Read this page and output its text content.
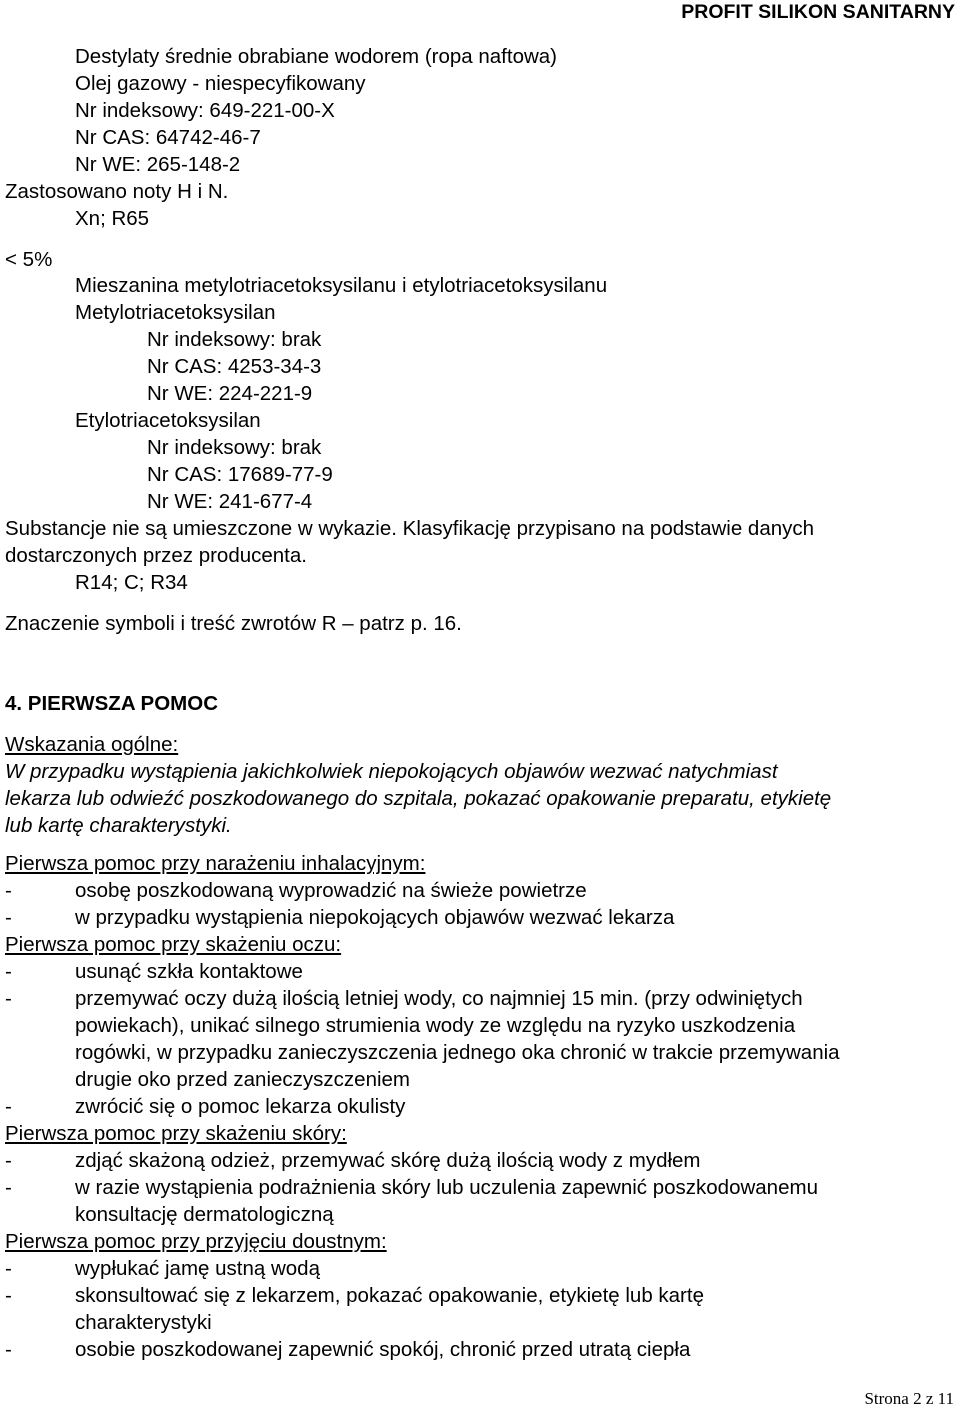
PROFIT SILIKON SANITARNY
Destylaty średnie obrabiane wodorem (ropa naftowa)
Olej gazowy - niespecyfikowany
Nr indeksowy: 649-221-00-X
Nr CAS: 64742-46-7
Nr WE: 265-148-2
Zastosowano noty H i N.
Xn; R65
< 5%
Mieszanina metylotriacetoksysilanu i etylotriacetoksysilanu
Metylotriacetoksysilan
Nr indeksowy: brak
Nr CAS: 4253-34-3
Nr WE: 224-221-9
Etylotriacetoksysilan
Nr indeksowy: brak
Nr CAS: 17689-77-9
Nr WE: 241-677-4
Substancje nie są umieszczone w wykazie. Klasyfikację przypisano na podstawie danych
dostarczonych przez producenta.
R14; C; R34
Znaczenie symboli i treść zwrotów R – patrz p. 16.
4. PIERWSZA POMOC
Wskazania ogólne:
W przypadku wystąpienia jakichkolwiek niepokojących objawów wezwać natychmiast
lekarza lub odwieźć poszkodowanego do szpitala, pokazać opakowanie preparatu, etykietę
lub kartę charakterystyki.
Pierwsza pomoc przy narażeniu inhalacyjnym:
-	osobę poszkodowaną wyprowadzić na świeże powietrze
-	w przypadku wystąpienia niepokojących objawów wezwać lekarza
Pierwsza pomoc przy skażeniu oczu:
-	usunąć szkła kontaktowe
-	przemywać oczy dużą ilością letniej wody, co najmniej 15 min. (przy odwiniętych
powiekach), unikać silnego strumienia wody ze względu na ryzyko uszkodzenia
rogówki, w przypadku zanieczyszczenia jednego oka chronić w trakcie przemywania
drugie oko przed zanieczyszczeniem
-	zwrócić się o pomoc lekarza okulisty
Pierwsza pomoc przy skażeniu skóry:
-	zdjąć skażoną odzież, przemywać skórę dużą ilością wody z mydłem
-	w razie wystąpienia podrażnienia skóry lub uczulenia zapewnić poszkodowanemu
konsultację dermatologiczną
Pierwsza pomoc przy przyjęciu doustnym:
-	wypłukać jamę ustną wodą
-	skonsultować się z lekarzem, pokazać opakowanie, etykietę lub kartę
charakterystyki
-	osobie poszkodowanej zapewnić spokój, chronić przed utratą ciepła
Strona 2 z 11
